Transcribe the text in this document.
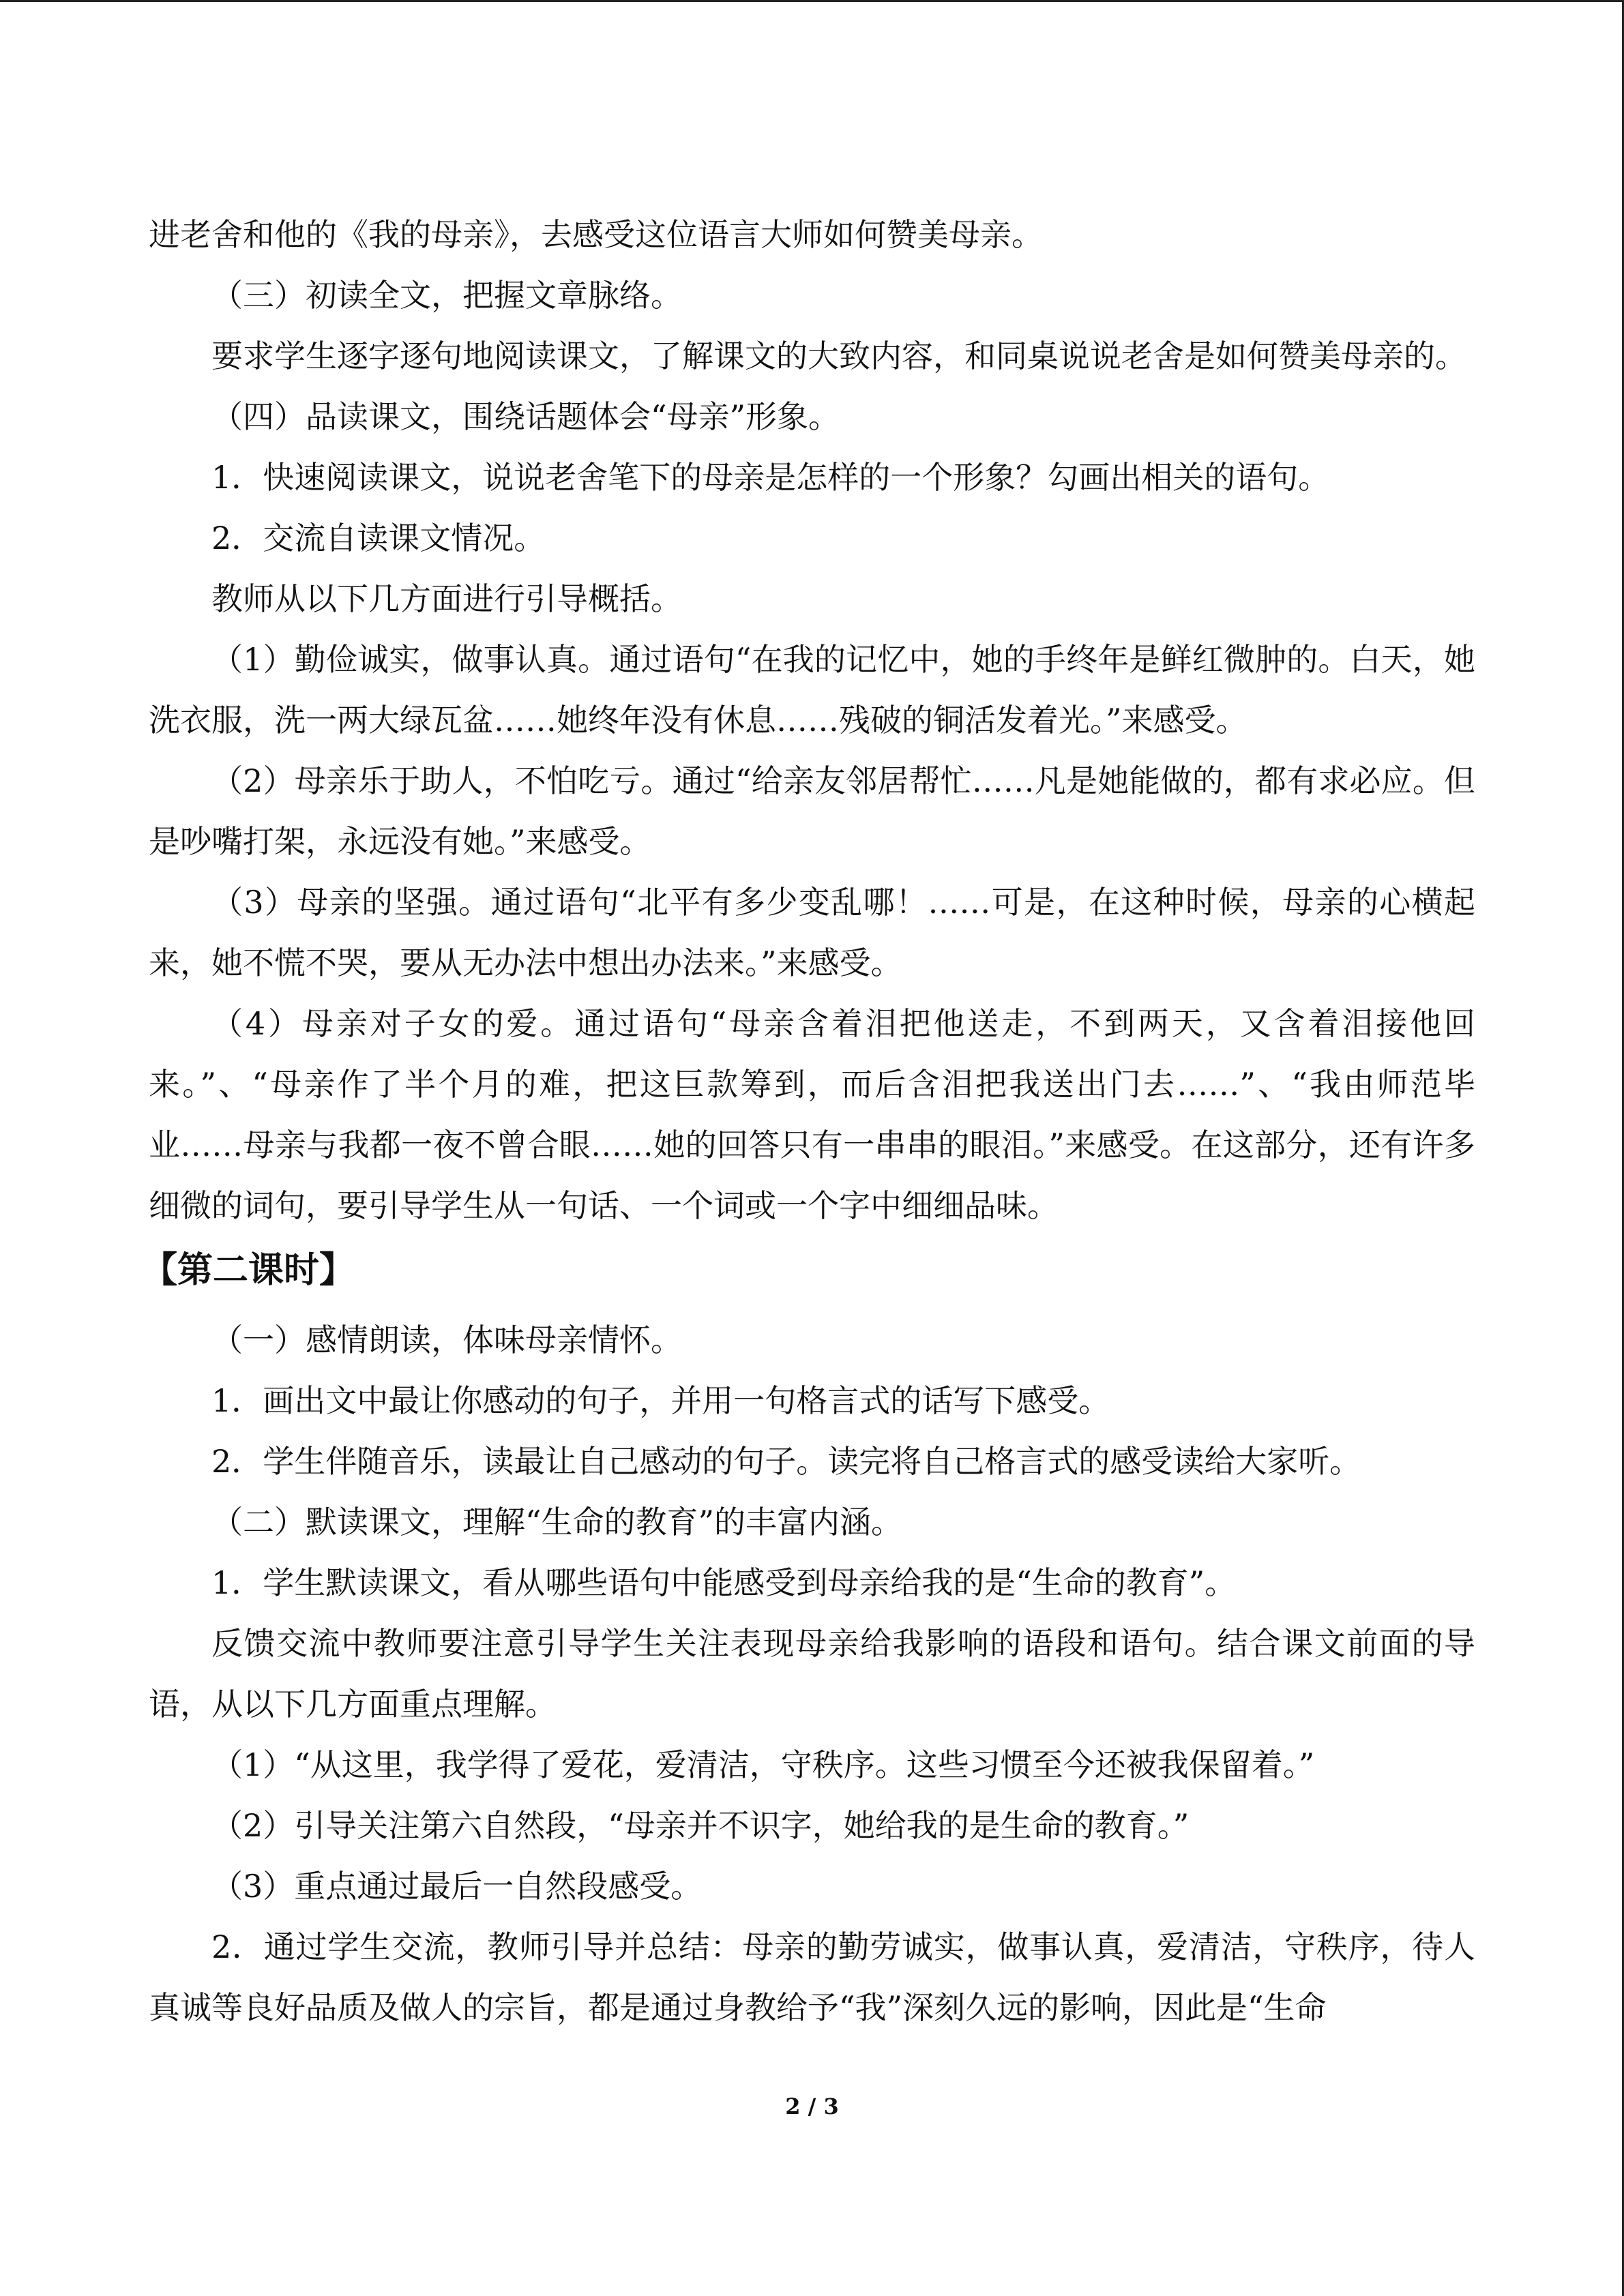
进老舍和他的《我的母亲》，去感受这位语言大师如何赞美母亲。

（三）初读全文，把握文章脉络。

要求学生逐字逐句地阅读课文，了解课文的大致内容，和同桌说说老舍是如何赞美母亲的。

（四）品读课文，围绕话题体会“母亲”形象。

1．快速阅读课文，说说老舍笔下的母亲是怎样的一个形象？勾画出相关的语句。

2．交流自读课文情况。

教师从以下几方面进行引导概括。

（1）勤俭诚实，做事认真。通过语句“在我的记忆中，她的手终年是鲜红微肿的。白天，她洗衣服，洗一两大绿瓦盆……她终年没有休息……残破的铜活发着光。”来感受。

（2）母亲乐于助人，不怕吃亏。通过“给亲友邻居帮忙……凡是她能做的，都有求必应。但是吵嘴打架，永远没有她。”来感受。

（3）母亲的坚强。通过语句“北平有多少变乱哪！……可是，在这种时候，母亲的心横起来，她不慌不哭，要从无办法中想出办法来。”来感受。

（4）母亲对子女的爱。通过语句“母亲含着泪把他送走，不到两天，又含着泪接他回来。”、“母亲作了半个月的难，把这巨款筹到，而后含泪把我送出门去……”、“我由师范毕业……母亲与我都一夜不曾合眼……她的回答只有一串串的眼泪。”来感受。在这部分，还有许多细微的词句，要引导学生从一句话、一个词或一个字中细细品味。

【第二课时】

（一）感情朗读，体味母亲情怀。

1．画出文中最让你感动的句子，并用一句格言式的话写下感受。

2．学生伴随音乐，读最让自己感动的句子。读完将自己格言式的感受读给大家听。

（二）默读课文，理解“生命的教育”的丰富内涵。

1．学生默读课文，看从哪些语句中能感受到母亲给我的是“生命的教育”。

反馈交流中教师要注意引导学生关注表现母亲给我影响的语段和语句。结合课文前面的导语，从以下几方面重点理解。

（1）“从这里，我学得了爱花，爱清洁，守秩序。这些习惯至今还被我保留着。”

（2）引导关注第六自然段，“母亲并不识字，她给我的是生命的教育。”

（3）重点通过最后一自然段感受。

2．通过学生交流，教师引导并总结：母亲的勤劳诚实，做事认真，爱清洁，守秩序，待人真诚等良好品质及做人的宗旨，都是通过身教给予“我”深刻久远的影响，因此是“生命

2 / 3
